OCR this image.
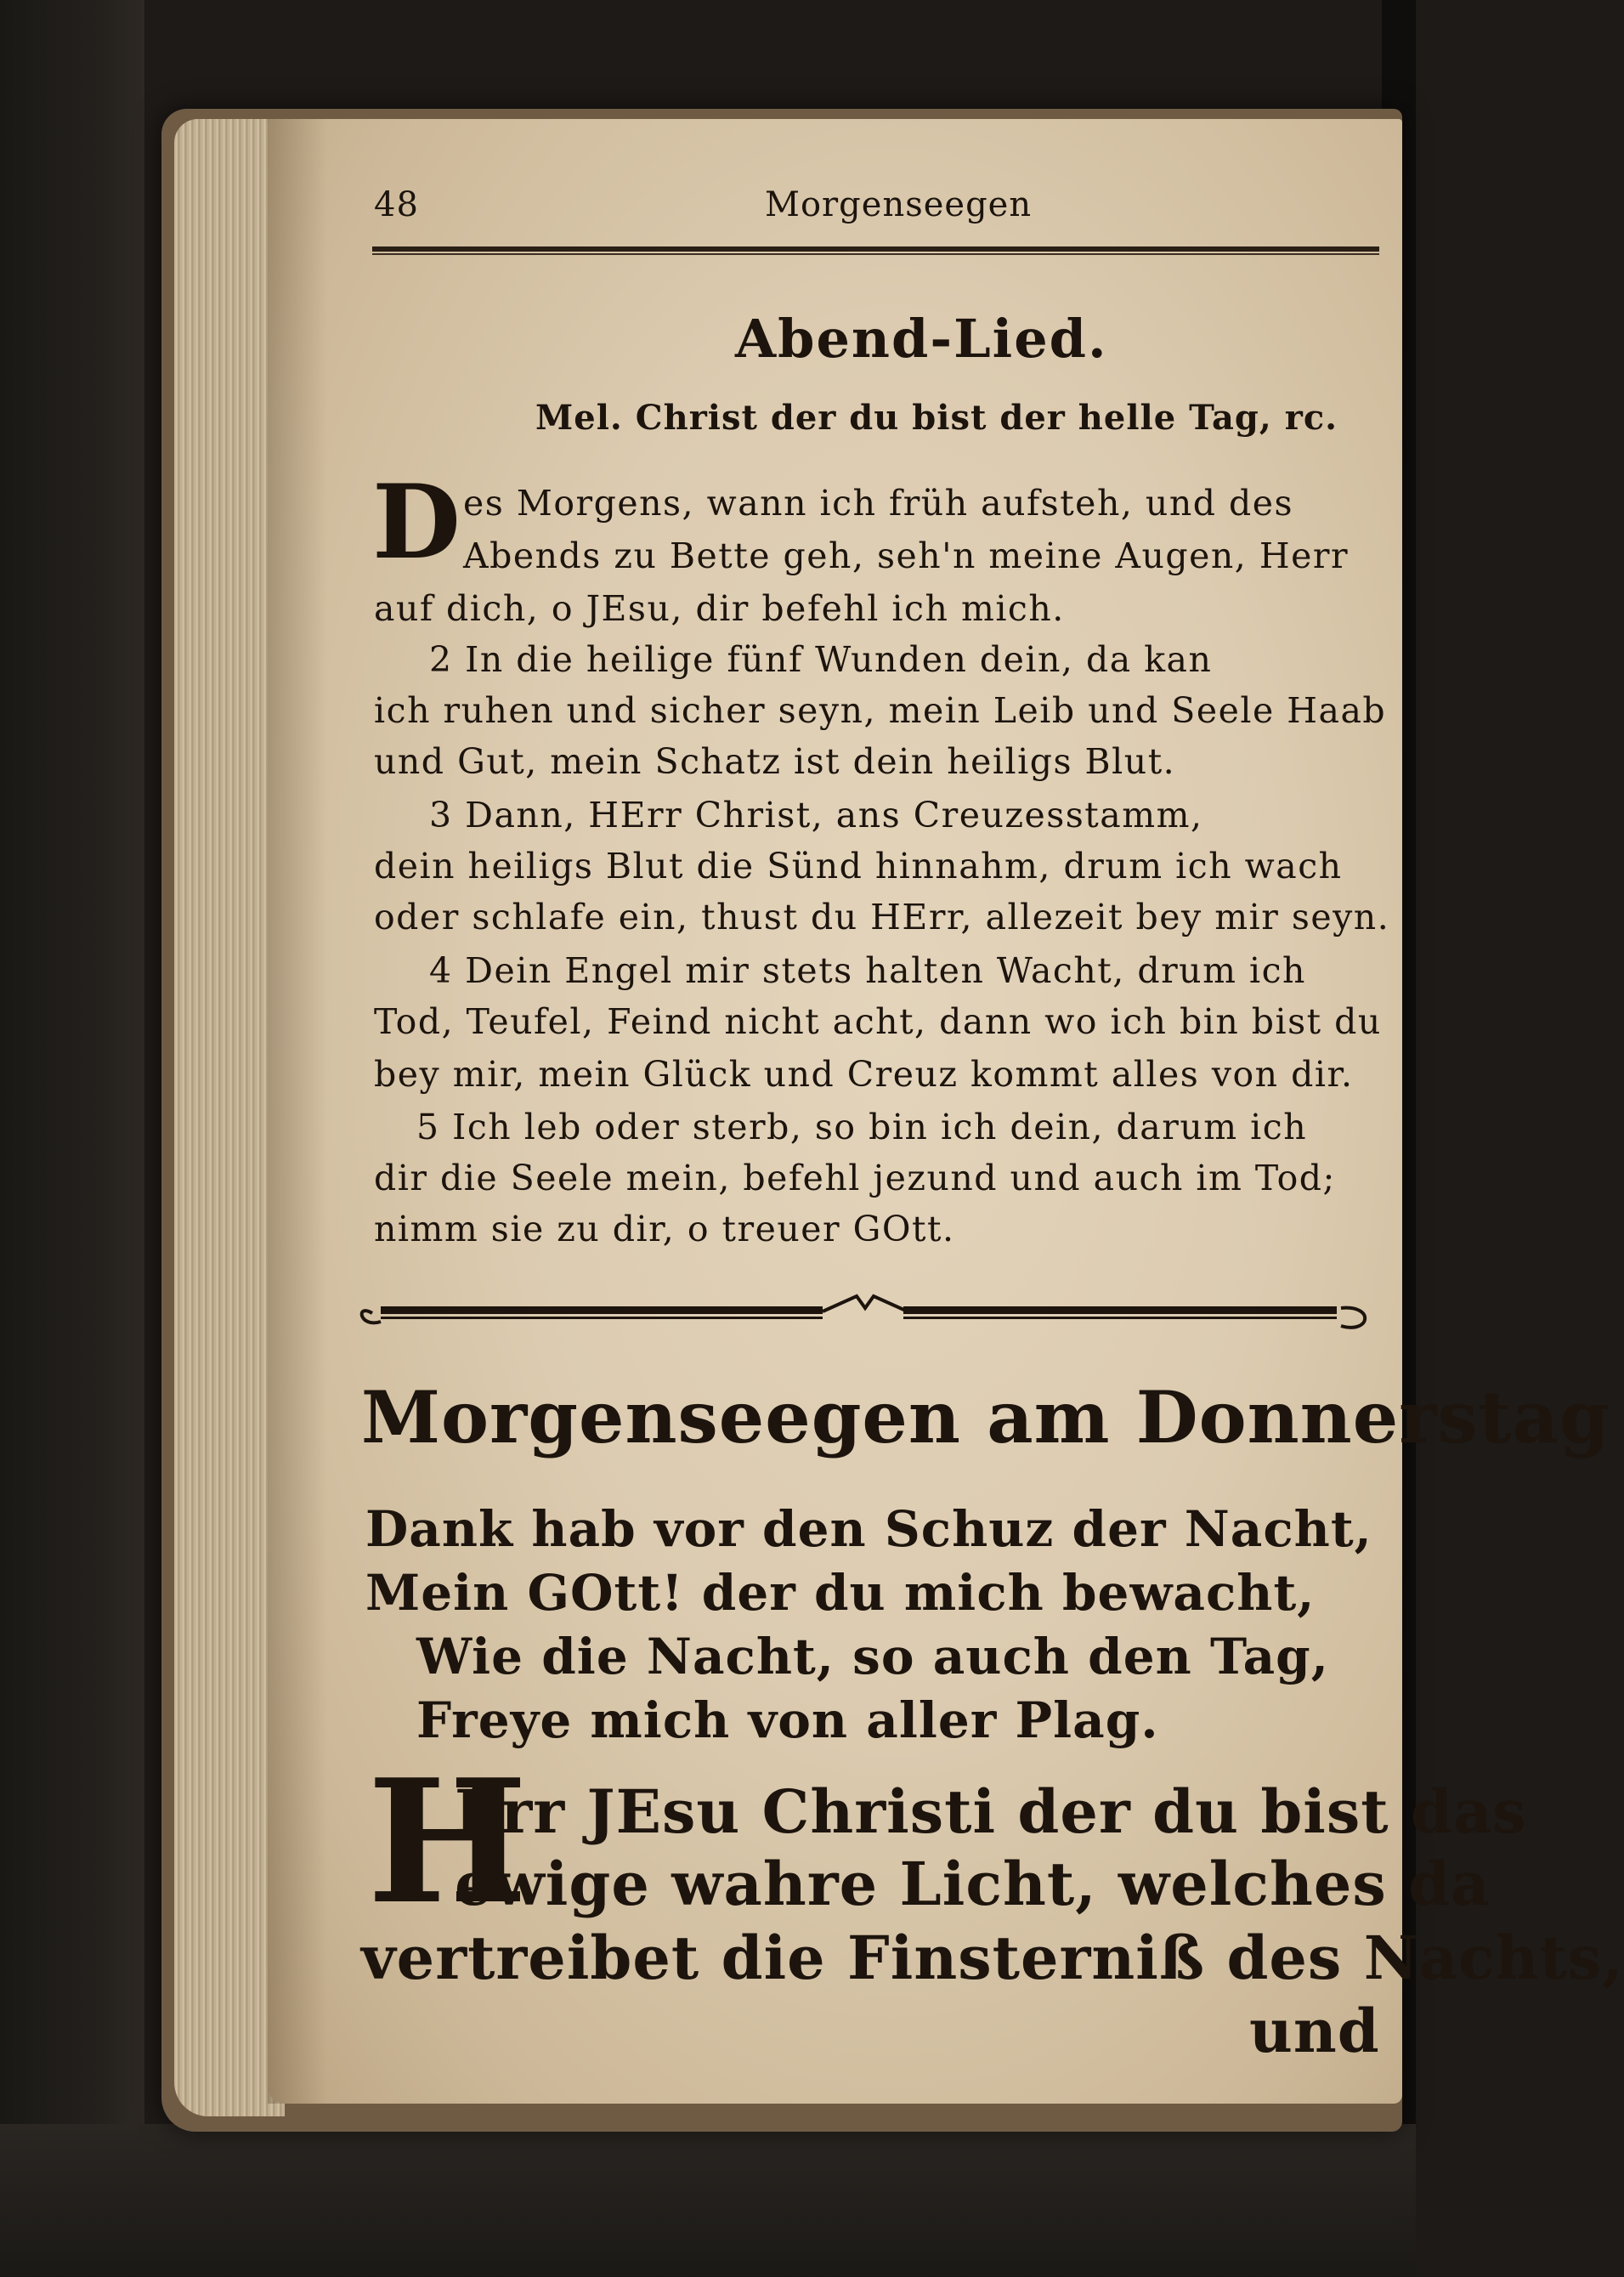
48	Morgenseegen
Abend-Lied.
Mel. Christ der du bist der helle Tag, rc.
D es Morgens, wann ich früh aufsteh, und des
Abends zu Bette geh, seh'n meine Augen, Herr
auf dich, o JEsu, dir befehl ich mich.
2 In die heilige fünf Wunden dein, da kan
ich ruhen und sicher seyn, mein Leib und Seele Haab
und Gut, mein Schatz ist dein heiligs Blut.
3 Dann, HErr Christ, ans Creuzesstamm,
dein heiligs Blut die Sünd hinnahm, drum ich wach
oder schlafe ein, thust du HErr, allezeit bey mir seyn.
4 Dein Engel mir stets halten Wacht, drum ich
Tod, Teufel, Feind nicht acht, dann wo ich bin bist du
bey mir, mein Glück und Creuz kommt alles von dir.
5 Ich leb oder sterb, so bin ich dein, darum ich
dir die Seele mein, befehl jezund und auch im Tod;
nimm sie zu dir, o treuer GOtt.
Morgenseegen am Donnerstag
Dank hab vor den Schuz der Nacht,
Mein GOtt! der du mich bewacht,
Wie die Nacht, so auch den Tag,
Freye mich von aller Plag.
H
Err JEsu Christi der du bist das
ewige wahre Licht, welches da
vertreibet die Finsterniß des Nachts,
und
